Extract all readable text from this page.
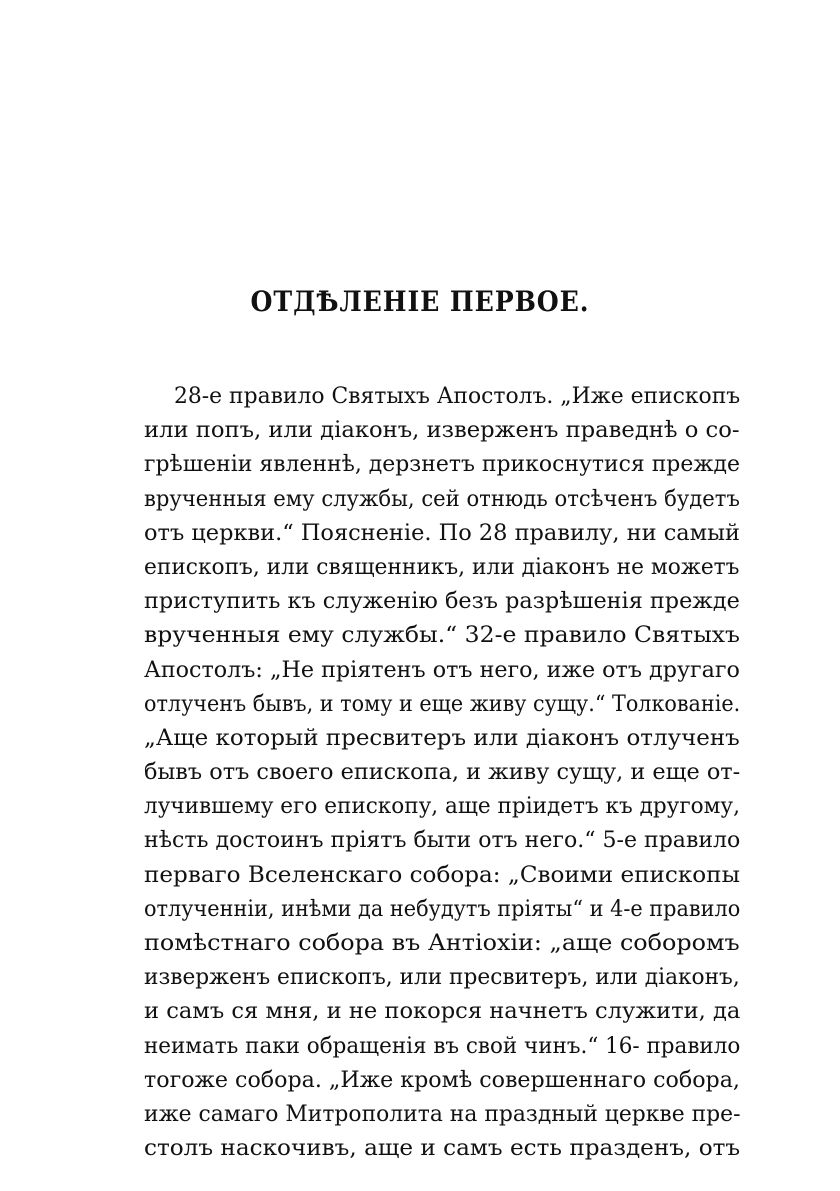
ОТДѢЛЕНІЕ ПЕРВОЕ.
28-е правило Святыхъ Апостолъ. „Иже епископъ
или попъ, или діаконъ, изверженъ праведнѣ о со-
грѣшеніи явленнѣ, дерзнетъ прикоснутися прежде
врученныя ему службы, сей отнюдь отсѣченъ будетъ
отъ церкви.“ Поясненіе. По 28 правилу, ни самый
епископъ, или священникъ, или діаконъ не можетъ
приступить къ служенію безъ разрѣшенія прежде
врученныя ему службы.“ 32-е правило Святыхъ
Апостолъ: „Не пріятенъ отъ него, иже отъ другаго
отлученъ бывъ, и тому и еще живу сущу.“ Толкованіе.
„Аще который пресвитеръ или діаконъ отлученъ
бывъ отъ своего епископа, и живу сущу, и еще от-
лучившему его епископу, аще пріидетъ къ другому,
нѣсть достоинъ пріятъ быти отъ него.“ 5-е правило
перваго Вселенскаго собора: „Своими епископы
отлученніи, инѣми да небудутъ пріяты“ и 4-е правило
помѣстнаго собора въ Антіохіи: „аще соборомъ
изверженъ епископъ, или пресвитеръ, или діаконъ,
и самъ ся мня, и не покорся начнетъ служити, да
неимать паки обращенія въ свой чинъ.“ 16- правило
тогоже собора. „Иже кромѣ совершеннаго собора,
иже самаго Митрополита на праздный церкве пре-
столъ наскочивъ, аще и самъ есть празденъ, отъ
